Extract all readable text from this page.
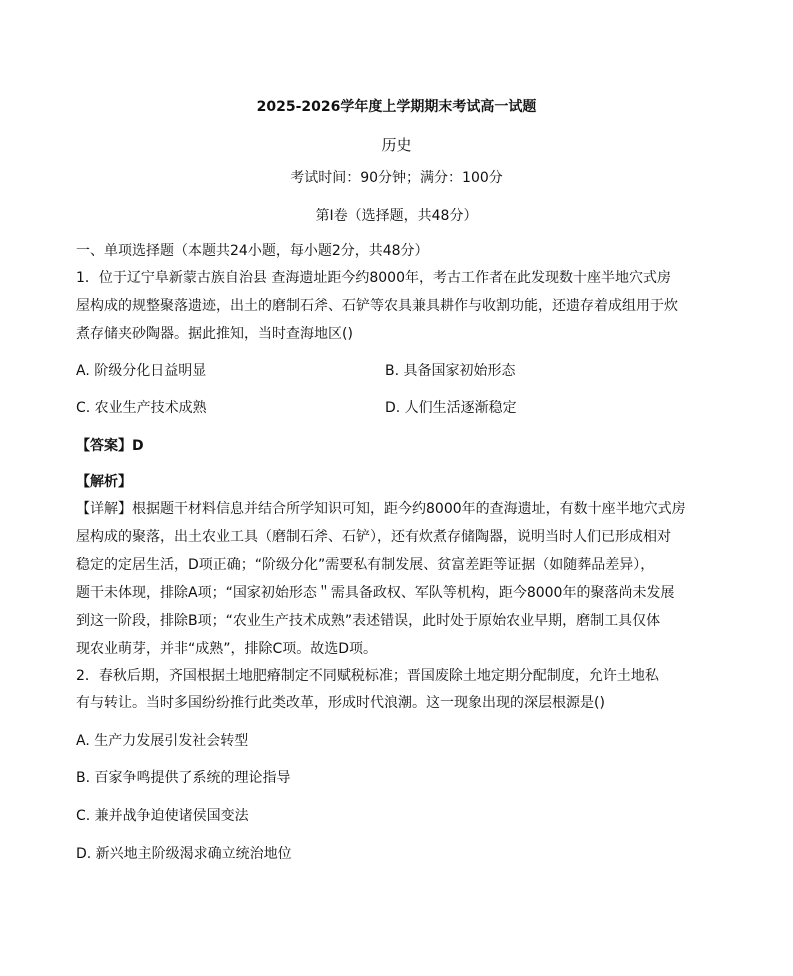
2025-2026学年度上学期期末考试高一试题
历史
考试时间：90分钟；满分：100分
第Ⅰ卷（选择题，共48分）
一、单项选择题（本题共24小题，每小题2分，共48分）
1．位于辽宁阜新蒙古族自治县 查海遗址距今约8000年，考古工作者在此发现数十座半地穴式房
屋构成的规整聚落遗迹，出土的磨制石斧、石铲等农具兼具耕作与收割功能，还遗存着成组用于炊
煮存储夹砂陶器。据此推知，当时查海地区()
A. 阶级分化日益明显	B. 具备国家初始形态
C. 农业生产技术成熟	D. 人们生活逐渐稳定
【答案】D
【解析】
【详解】根据题干材料信息并结合所学知识可知，距今约8000年的查海遗址，有数十座半地穴式房
屋构成的聚落，出土农业工具（磨制石斧、石铲），还有炊煮存储陶器，说明当时人们已形成相对
稳定的定居生活，D项正确；“阶级分化”需要私有制发展、贫富差距等证据（如随葬品差异），
题干未体现，排除A项；“国家初始形态＂需具备政权、军队等机构，距今8000年的聚落尚未发展
到这一阶段，排除B项；“农业生产技术成熟”表述错误，此时处于原始农业早期，磨制工具仅体
现农业萌芽，并非“成熟”，排除C项。故选D项。
2．春秋后期，齐国根据土地肥瘠制定不同赋税标准；晋国废除土地定期分配制度，允许土地私
有与转让。当时多国纷纷推行此类改革，形成时代浪潮。这一现象出现的深层根源是()
A. 生产力发展引发社会转型
B. 百家争鸣提供了系统的理论指导
C. 兼并战争迫使诸侯国变法
D. 新兴地主阶级渴求确立统治地位
